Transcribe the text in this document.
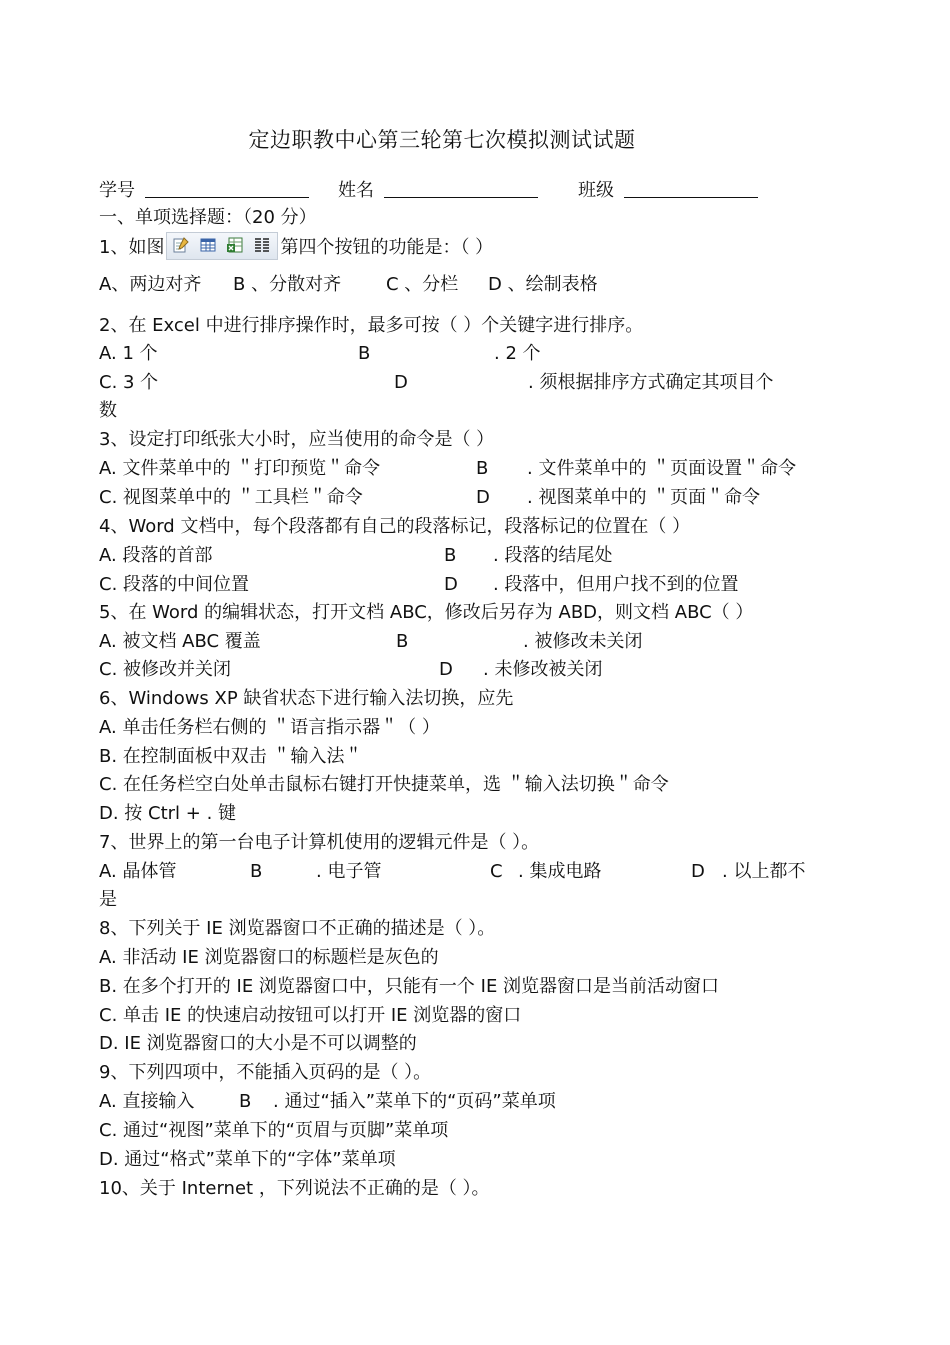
定边职教中心第三轮第七次模拟测试试题
学号	姓名	班级
一、单项选择题：（20 分）
1、如图	第四个按钮的功能是：（ ）
A、两边对齐 B 、分散对齐 C 、分栏 D 、绘制表格
2、在 Excel 中进行排序操作时，最多可按（ ）个关键字进行排序。
A. 1 个	B	. 2 个
C. 3 个	D	. 须根据排序方式确定其项目个
数
3、设定打印纸张大小时，应当使用的命令是（ ）
A. 文件菜单中的 ＂打印预览＂命令	B . 文件菜单中的 ＂页面设置＂命令
C. 视图菜单中的 ＂工具栏＂命令	D . 视图菜单中的 ＂页面＂命令
4、Word 文档中，每个段落都有自己的段落标记，段落标记的位置在（ ）
A. 段落的首部	B . 段落的结尾处
C. 段落的中间位置	D . 段落中，但用户找不到的位置
5、在 Word 的编辑状态，打开文档 ABC，修改后另存为 ABD，则文档 ABC（ ）
A. 被文档 ABC 覆盖	B	. 被修改未关闭
C. 被修改并关闭	D . 未修改被关闭
6、Windows XP 缺省状态下进行输入法切换，应先
A. 单击任务栏右侧的 ＂语言指示器＂（ ）
B. 在控制面板中双击 ＂输入法＂
C. 在任务栏空白处单击鼠标右键打开快捷菜单，选 ＂输入法切换＂命令
D. 按 Ctrl + . 键
7、世界上的第一台电子计算机使用的逻辑元件是（ ）。
A. 晶体管	B	. 电子管	C . 集成电路	D . 以上都不
是
8、下列关于 IE 浏览器窗口不正确的描述是（ ）。
A. 非活动 IE 浏览器窗口的标题栏是灰色的
B. 在多个打开的 IE 浏览器窗口中，只能有一个 IE 浏览器窗口是当前活动窗口
C. 单击 IE 的快速启动按钮可以打开 IE 浏览器的窗口
D. IE 浏览器窗口的大小是不可以调整的
9、下列四项中，不能插入页码的是（ ）。
A. 直接输入 B . 通过“插入”菜单下的“页码”菜单项
C. 通过“视图”菜单下的“页眉与页脚”菜单项
D. 通过“格式”菜单下的“字体”菜单项
10、关于 Internet ，下列说法不正确的是（ ）。
